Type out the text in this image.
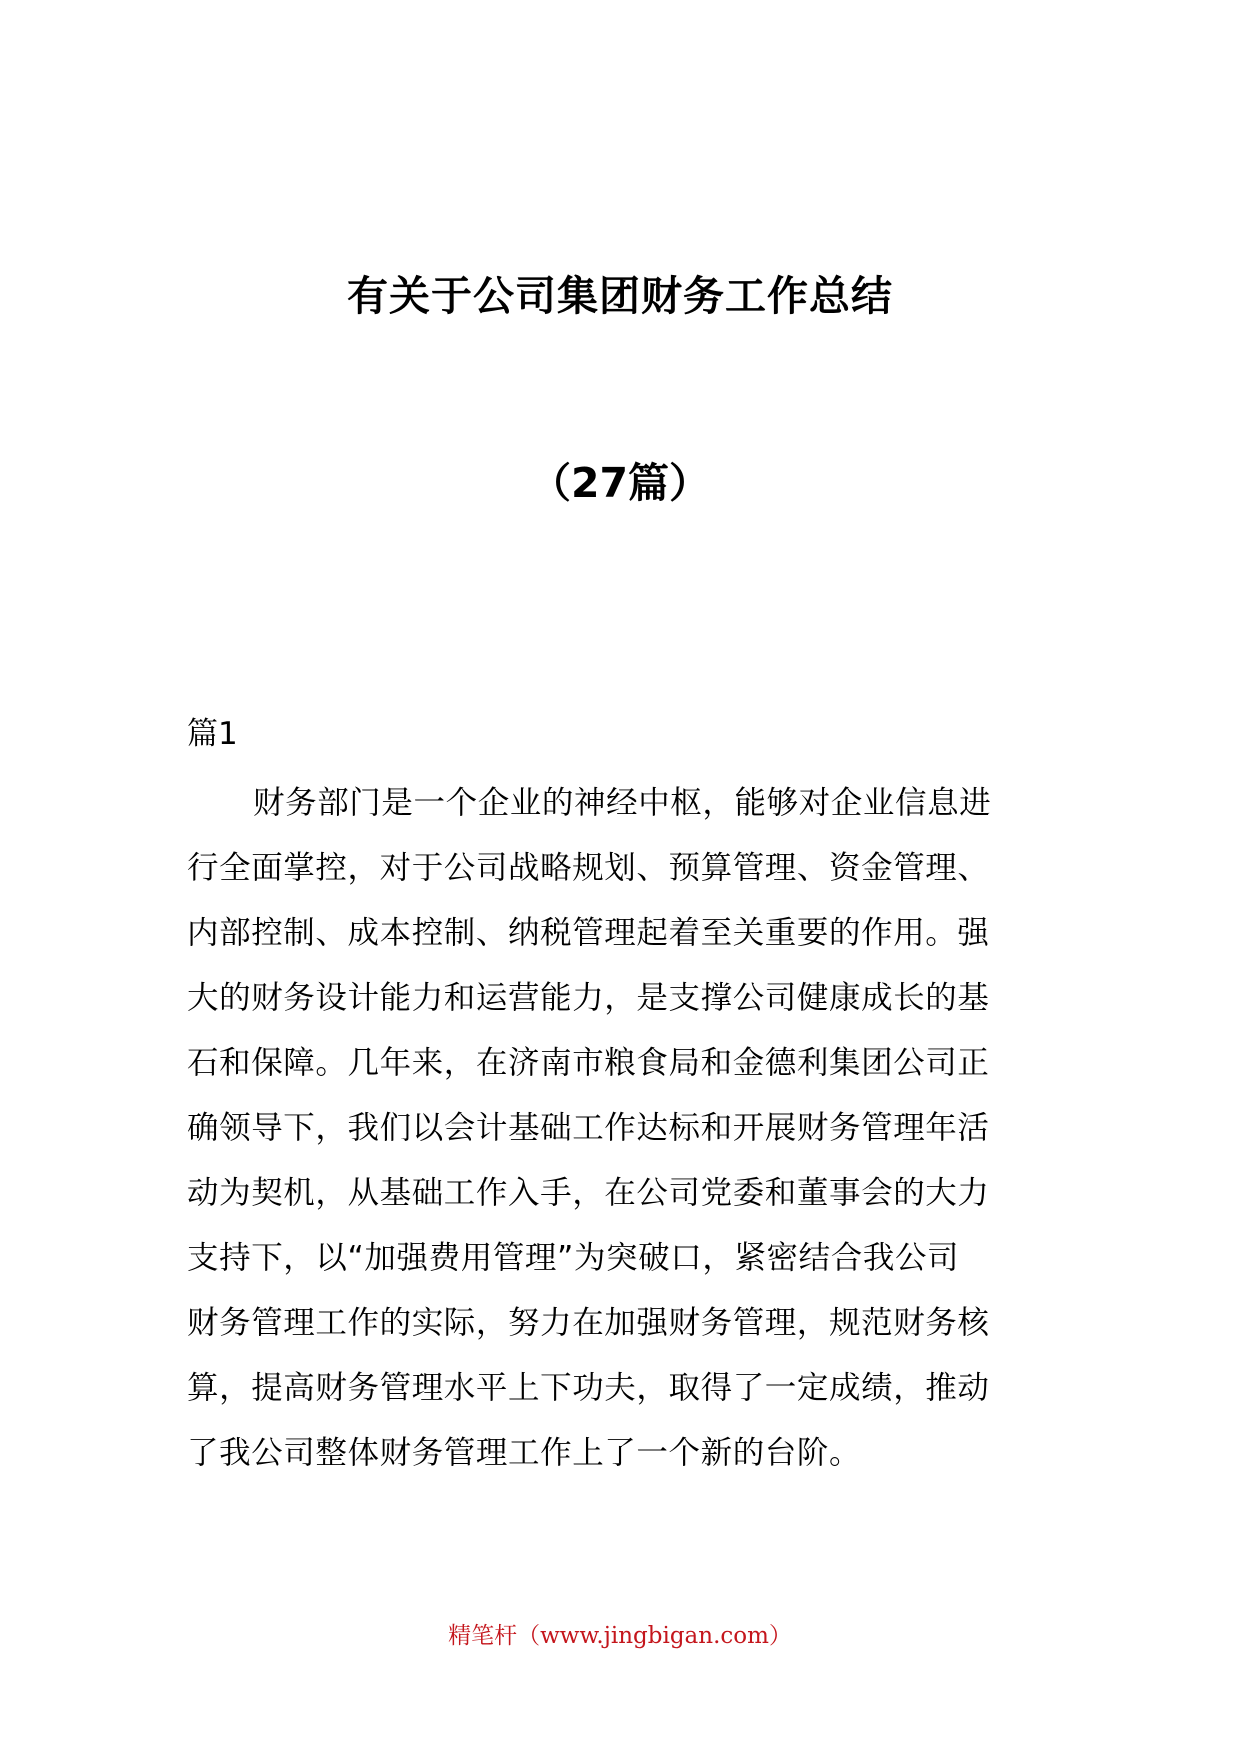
有关于公司集团财务工作总结
（27篇）
篇1
财务部门是一个企业的神经中枢，能够对企业信息进
行全面掌控，对于公司战略规划、预算管理、资金管理、
内部控制、成本控制、纳税管理起着至关重要的作用。强
大的财务设计能力和运营能力，是支撑公司健康成长的基
石和保障。几年来，在济南市粮食局和金德利集团公司正
确领导下，我们以会计基础工作达标和开展财务管理年活
动为契机，从基础工作入手，在公司党委和董事会的大力
支持下，以“加强费用管理”为突破口，紧密结合我公司
财务管理工作的实际，努力在加强财务管理，规范财务核
算，提高财务管理水平上下功夫，取得了一定成绩，推动
了我公司整体财务管理工作上了一个新的台阶。
精笔杆（www.jingbigan.com）
